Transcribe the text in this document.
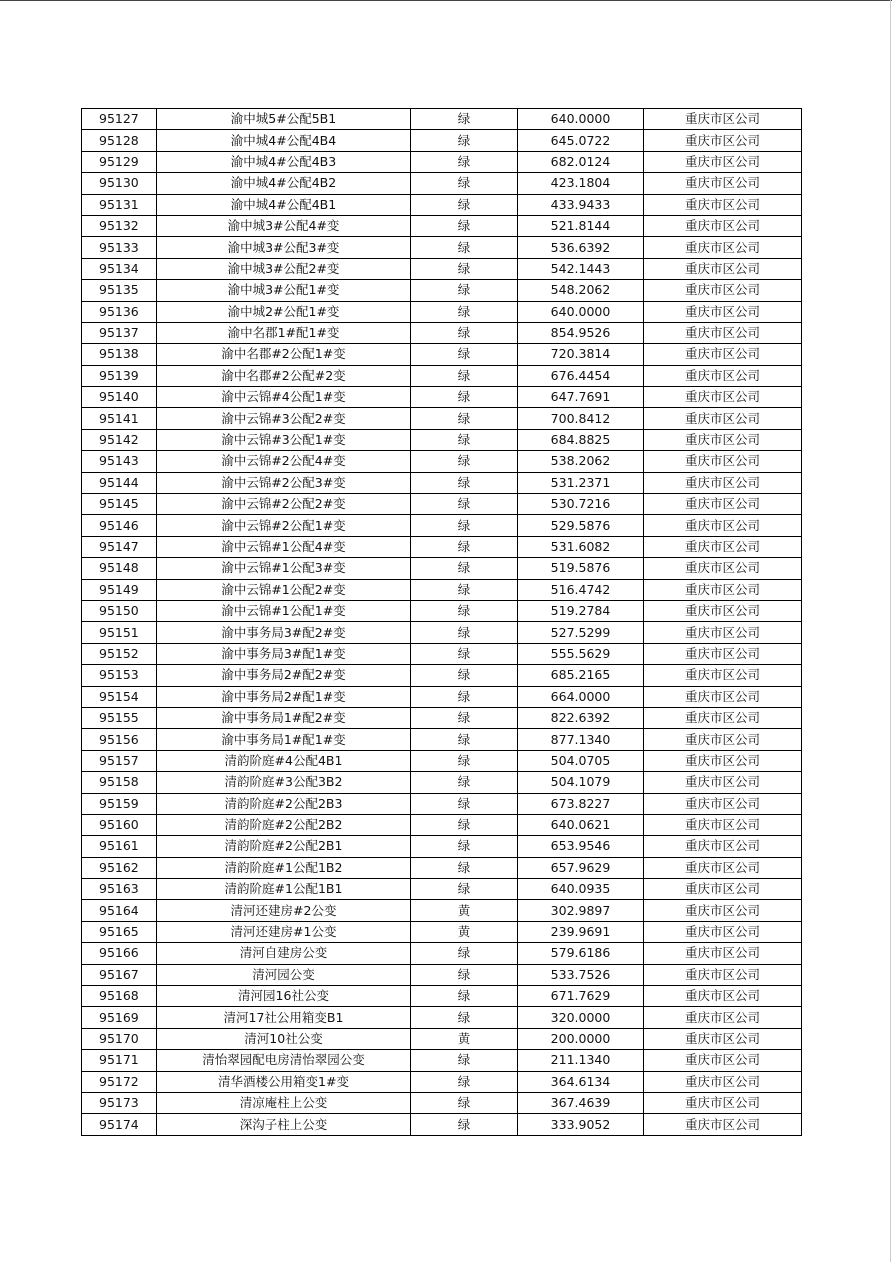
95127	渝中城5#公配5B1	绿	640.0000	重庆市区公司
95128	渝中城4#公配4B4	绿	645.0722	重庆市区公司
95129	渝中城4#公配4B3	绿	682.0124	重庆市区公司
95130	渝中城4#公配4B2	绿	423.1804	重庆市区公司
95131	渝中城4#公配4B1	绿	433.9433	重庆市区公司
95132	渝中城3#公配4#变	绿	521.8144	重庆市区公司
95133	渝中城3#公配3#变	绿	536.6392	重庆市区公司
95134	渝中城3#公配2#变	绿	542.1443	重庆市区公司
95135	渝中城3#公配1#变	绿	548.2062	重庆市区公司
95136	渝中城2#公配1#变	绿	640.0000	重庆市区公司
95137	渝中名郡1#配1#变	绿	854.9526	重庆市区公司
95138	渝中名郡#2公配1#变	绿	720.3814	重庆市区公司
95139	渝中名郡#2公配#2变	绿	676.4454	重庆市区公司
95140	渝中云锦#4公配1#变	绿	647.7691	重庆市区公司
95141	渝中云锦#3公配2#变	绿	700.8412	重庆市区公司
95142	渝中云锦#3公配1#变	绿	684.8825	重庆市区公司
95143	渝中云锦#2公配4#变	绿	538.2062	重庆市区公司
95144	渝中云锦#2公配3#变	绿	531.2371	重庆市区公司
95145	渝中云锦#2公配2#变	绿	530.7216	重庆市区公司
95146	渝中云锦#2公配1#变	绿	529.5876	重庆市区公司
95147	渝中云锦#1公配4#变	绿	531.6082	重庆市区公司
95148	渝中云锦#1公配3#变	绿	519.5876	重庆市区公司
95149	渝中云锦#1公配2#变	绿	516.4742	重庆市区公司
95150	渝中云锦#1公配1#变	绿	519.2784	重庆市区公司
95151	渝中事务局3#配2#变	绿	527.5299	重庆市区公司
95152	渝中事务局3#配1#变	绿	555.5629	重庆市区公司
95153	渝中事务局2#配2#变	绿	685.2165	重庆市区公司
95154	渝中事务局2#配1#变	绿	664.0000	重庆市区公司
95155	渝中事务局1#配2#变	绿	822.6392	重庆市区公司
95156	渝中事务局1#配1#变	绿	877.1340	重庆市区公司
95157	清韵阶庭#4公配4B1	绿	504.0705	重庆市区公司
95158	清韵阶庭#3公配3B2	绿	504.1079	重庆市区公司
95159	清韵阶庭#2公配2B3	绿	673.8227	重庆市区公司
95160	清韵阶庭#2公配2B2	绿	640.0621	重庆市区公司
95161	清韵阶庭#2公配2B1	绿	653.9546	重庆市区公司
95162	清韵阶庭#1公配1B2	绿	657.9629	重庆市区公司
95163	清韵阶庭#1公配1B1	绿	640.0935	重庆市区公司
95164	清河还建房#2公变	黄	302.9897	重庆市区公司
95165	清河还建房#1公变	黄	239.9691	重庆市区公司
95166	清河自建房公变	绿	579.6186	重庆市区公司
95167	清河园公变	绿	533.7526	重庆市区公司
95168	清河园16社公变	绿	671.7629	重庆市区公司
95169	清河17社公用箱变B1	绿	320.0000	重庆市区公司
95170	清河10社公变	黄	200.0000	重庆市区公司
95171	清怡翠园配电房清怡翠园公变	绿	211.1340	重庆市区公司
95172	清华酒楼公用箱变1#变	绿	364.6134	重庆市区公司
95173	清凉庵柱上公变	绿	367.4639	重庆市区公司
95174	深沟子柱上公变	绿	333.9052	重庆市区公司
